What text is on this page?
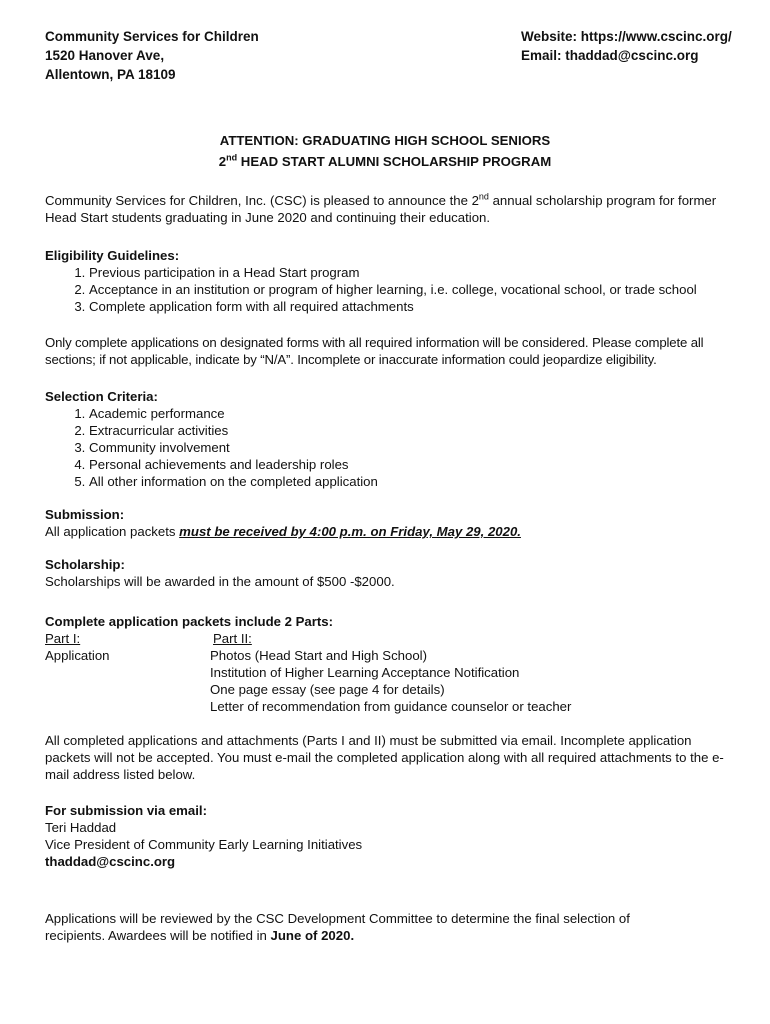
Community Services for Children
1520 Hanover Ave,
Allentown, PA 18109
Website: https://www.cscinc.org/
Email: thaddad@cscinc.org
ATTENTION: GRADUATING HIGH SCHOOL SENIORS
2nd HEAD START ALUMNI SCHOLARSHIP PROGRAM
Community Services for Children, Inc. (CSC) is pleased to announce the 2nd annual scholarship program for former Head Start students graduating in June 2020 and continuing their education.
Eligibility Guidelines:
1. Previous participation in a Head Start program
2. Acceptance in an institution or program of higher learning, i.e. college, vocational school, or trade school
3. Complete application form with all required attachments
Only complete applications on designated forms with all required information will be considered. Please complete all sections; if not applicable, indicate by “N/A”. Incomplete or inaccurate information could jeopardize eligibility.
Selection Criteria:
1. Academic performance
2. Extracurricular activities
3. Community involvement
4. Personal achievements and leadership roles
5. All other information on the completed application
Submission:
All application packets must be received by 4:00 p.m. on Friday, May 29, 2020.
Scholarship:
Scholarships will be awarded in the amount of $500 -$2000.
Complete application packets include 2 Parts:
Part I:
Application
Part II:
Photos (Head Start and High School)
Institution of Higher Learning Acceptance Notification
One page essay (see page 4 for details)
Letter of recommendation from guidance counselor or teacher
All completed applications and attachments (Parts I and II) must be submitted via email. Incomplete application packets will not be accepted. You must e-mail the completed application along with all required attachments to the e-mail address listed below.
For submission via email:
Teri Haddad
Vice President of Community Early Learning Initiatives
thaddad@cscinc.org
Applications will be reviewed by the CSC Development Committee to determine the final selection of recipients. Awardees will be notified in June of 2020.
